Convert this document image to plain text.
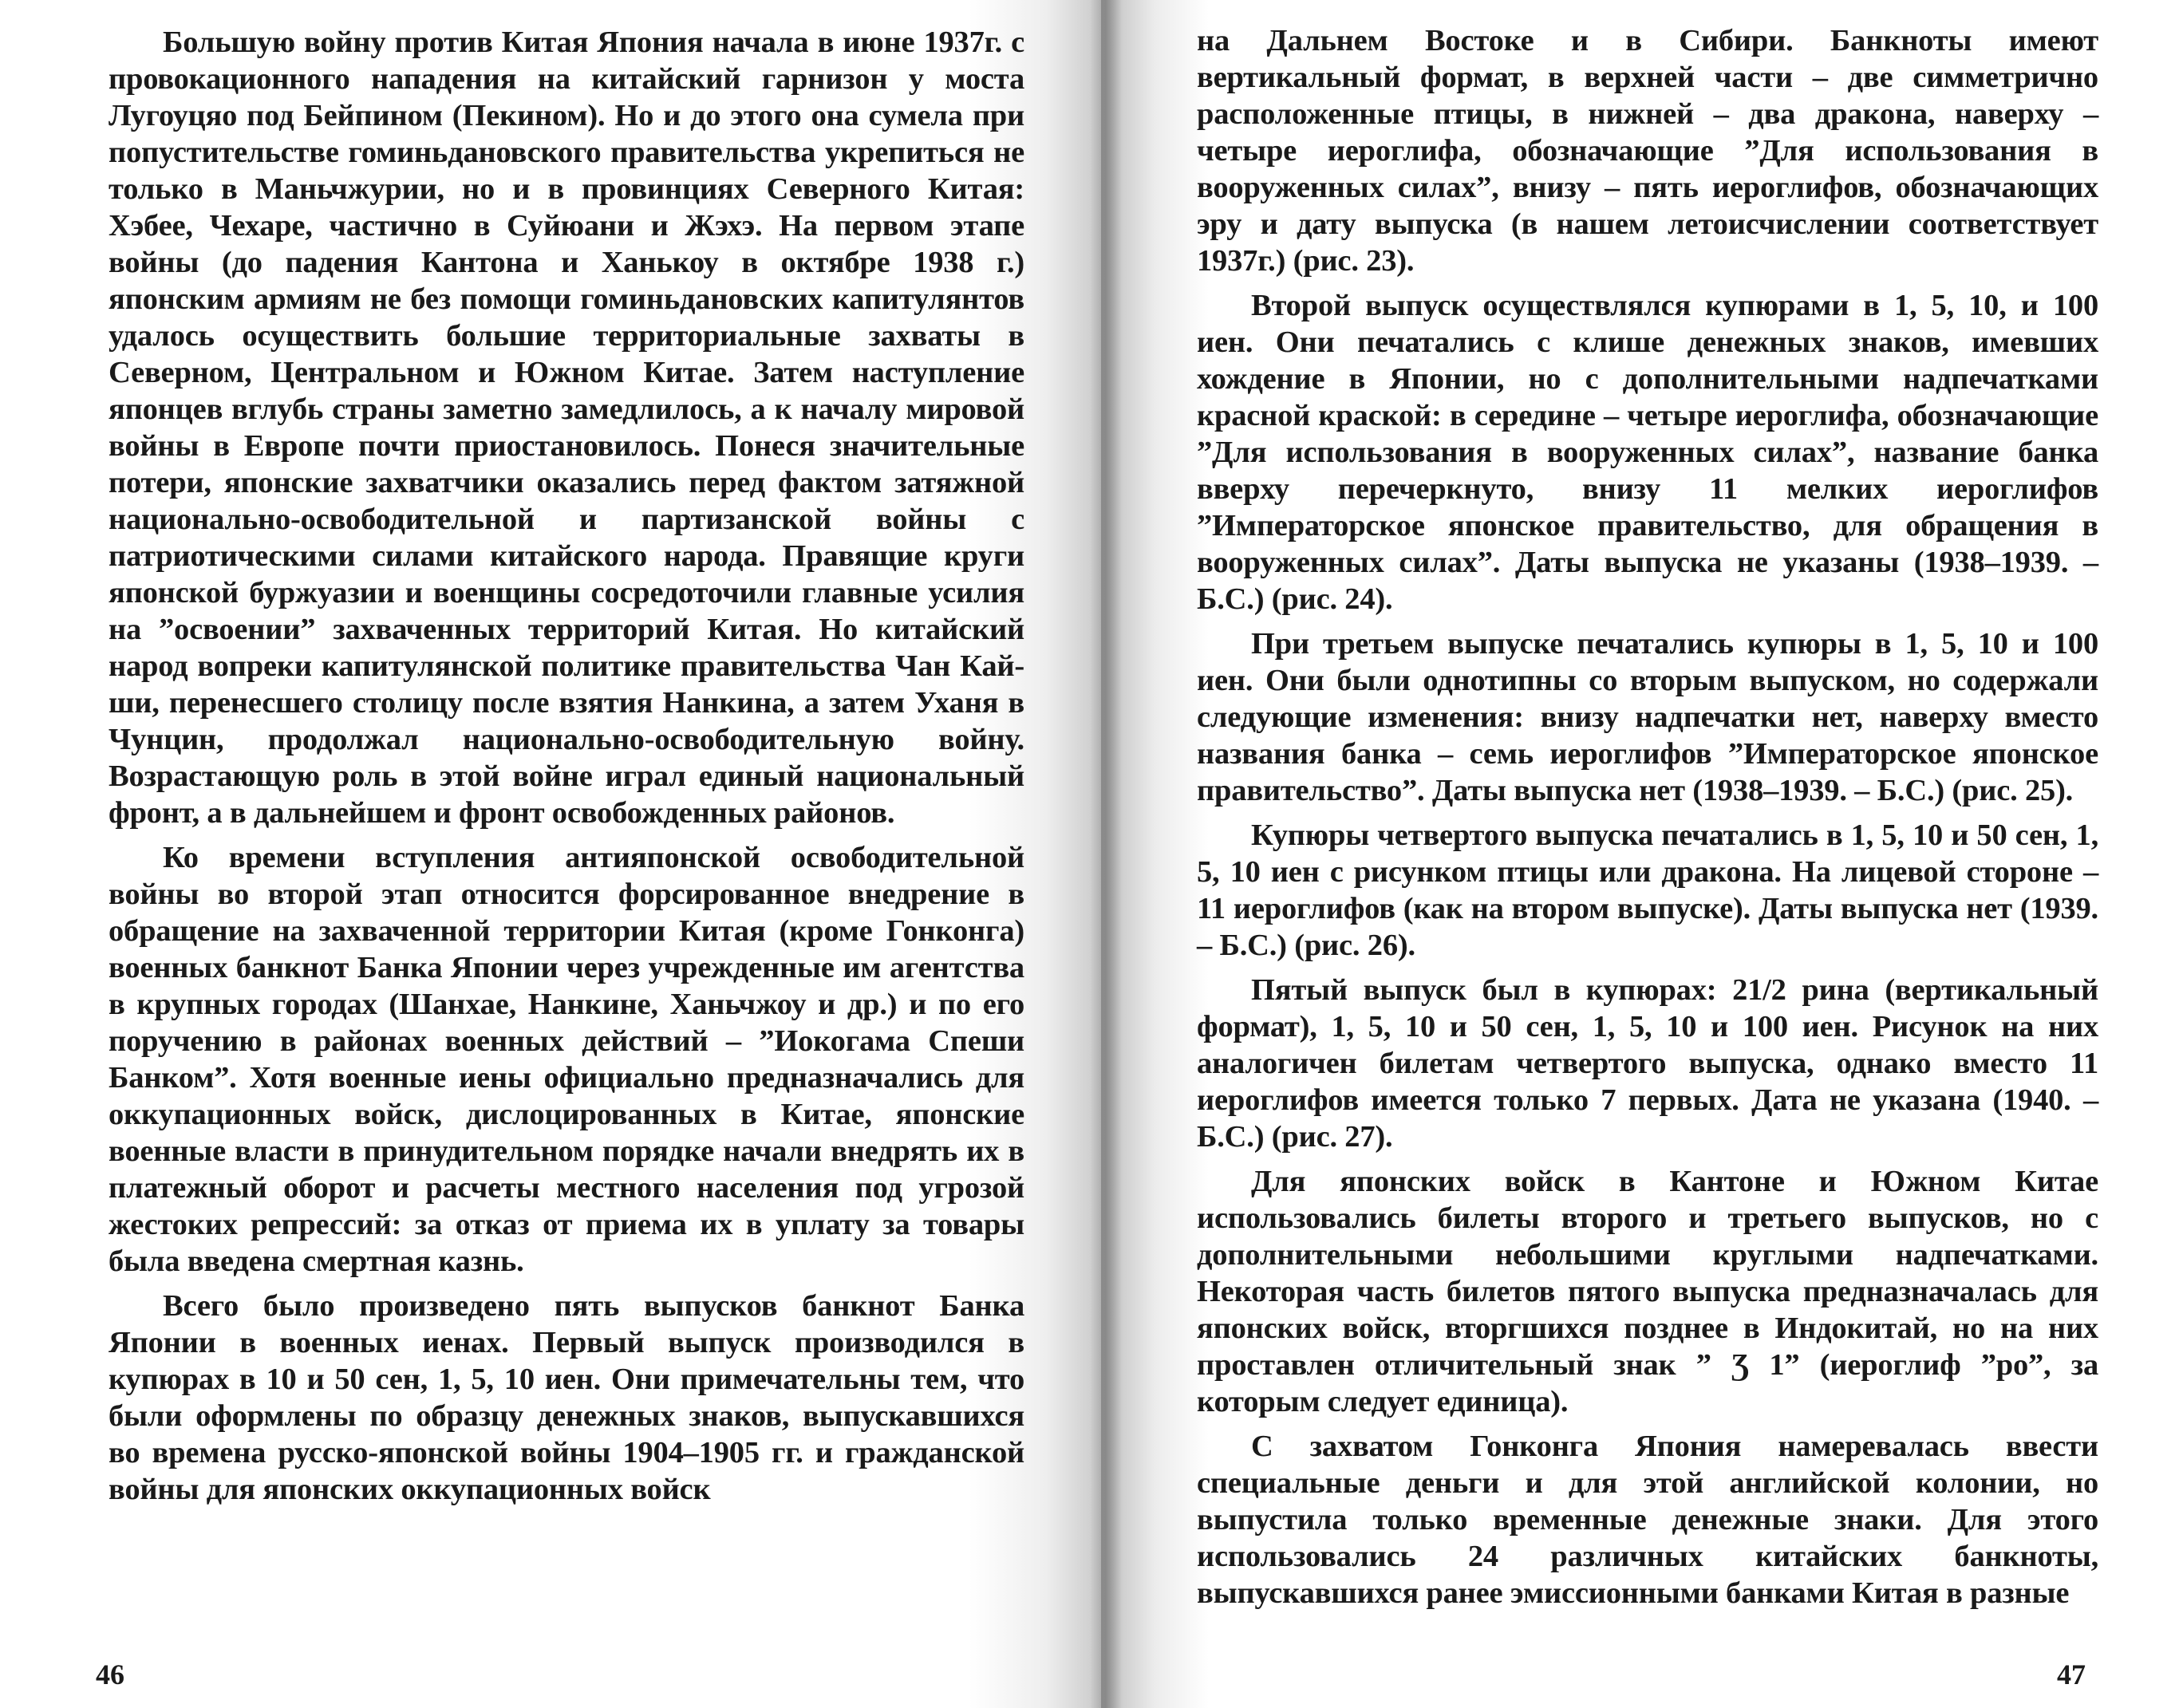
Большую войну против Китая Япония начала в июне 1937г. с провокационного нападения на китайский гарнизон у моста Лугоуцяо под Бейпином (Пекином). Но и до этого она сумела при попустительстве гоминьдановского правительства укрепиться не только в Маньчжурии, но и в провинциях Северного Китая: Хэбее, Чехаре, частично в Суйюани и Жэхэ. На первом этапе войны (до падения Кантона и Ханькоу в октябре 1938 г.) японским армиям не без помощи гоминьдановских капитулянтов удалось осуществить большие территориальные захваты в Северном, Центральном и Южном Китае. Затем наступление японцев вглубь страны заметно замедлилось, а к началу мировой войны в Европе почти приостановилось. Понеся значительные потери, японские захватчики оказались перед фактом затяжной национально-освободительной и партизанской войны с патриотическими силами китайского народа. Правящие круги японской буржуазии и военщины сосредоточили главные усилия на ”освоении” захваченных территорий Китая. Но китайский народ вопреки капитулянской политике правительства Чан Кай-ши, перенесшего столицу после взятия Нанкина, а затем Уханя в Чунцин, продолжал национально-освободительную войну. Возрастающую роль в этой войне играл единый национальный фронт, а в дальнейшем и фронт освобожденных районов.

Ко времени вступления антияпонской освободительной войны во второй этап относится форсированное внедрение в обращение на захваченной территории Китая (кроме Гонконга) военных банкнот Банка Японии через учрежденные им агентства в крупных городах (Шанхае, Нанкине, Ханьчжоу и др.) и по его поручению в районах военных действий – ”Иокогама Спеши Банком”. Хотя военные иены официально предназначались для оккупационных войск, дислоцированных в Китае, японские военные власти в принудительном порядке начали внедрять их в платежный оборот и расчеты местного населения под угрозой жестоких репрессий: за отказ от приема их в уплату за товары была введена смертная казнь.

Всего было произведено пять выпусков банкнот Банка Японии в военных иенах. Первый выпуск производился в купюрах в 10 и 50 сен, 1, 5, 10 иен. Они примечательны тем, что были оформлены по образцу денежных знаков, выпускавшихся во времена русско-японской войны 1904–1905 гг. и гражданской войны для японских оккупационных войск

46	47

на Дальнем Востоке и в Сибири. Банкноты имеют вертикальный формат, в верхней части – две симметрично расположенные птицы, в нижней – два дракона, наверху – четыре иероглифа, обозначающие ”Для использования в вооруженных силах”, внизу – пять иероглифов, обозначающих эру и дату выпуска (в нашем летоисчислении соответствует 1937г.) (рис. 23).

Второй выпуск осуществлялся купюрами в 1, 5, 10, и 100 иен. Они печатались с клише денежных знаков, имевших хождение в Японии, но с дополнительными надпечатками красной краской: в середине – четыре иероглифа, обозначающие ”Для использования в вооруженных силах”, название банка вверху перечеркнуто, внизу 11 мелких иероглифов ”Императорское японское правительство, для обращения в вооруженных силах”. Даты выпуска не указаны (1938–1939. – Б.С.) (рис. 24).

При третьем выпуске печатались купюры в 1, 5, 10 и 100 иен. Они были однотипны со вторым выпуском, но содержали следующие изменения: внизу надпечатки нет, наверху вместо названия банка – семь иероглифов ”Императорское японское правительство”. Даты выпуска нет (1938–1939. – Б.С.) (рис. 25).

Купюры четвертого выпуска печатались в 1, 5, 10 и 50 сен, 1, 5, 10 иен с рисунком птицы или дракона. На лицевой стороне – 11 иероглифов (как на втором выпуске). Даты выпуска нет (1939. – Б.С.) (рис. 26).

Пятый выпуск был в купюрах: 21/2 рина (вертикальный формат), 1, 5, 10 и 50 сен, 1, 5, 10 и 100 иен. Рисунок на них аналогичен билетам четвертого выпуска, однако вместо 11 иероглифов имеется только 7 первых. Дата не указана (1940. – Б.С.) (рис. 27).

Для японских войск в Кантоне и Южном Китае использовались билеты второго и третьего выпусков, но с дополнительными небольшими круглыми надпечатками. Некоторая часть билетов пятого выпуска предназначалась для японских войск, вторгшихся позднее в Индокитай, но на них проставлен отличительный знак ” Ʒ 1” (иероглиф ”ро”, за которым следует единица).

С захватом Гонконга Япония намеревалась ввести специальные деньги и для этой английской колонии, но выпустила только временные денежные знаки. Для этого использовались 24 различных китайских банкноты, выпускавшихся ранее эмиссионными банками Китая в разные
